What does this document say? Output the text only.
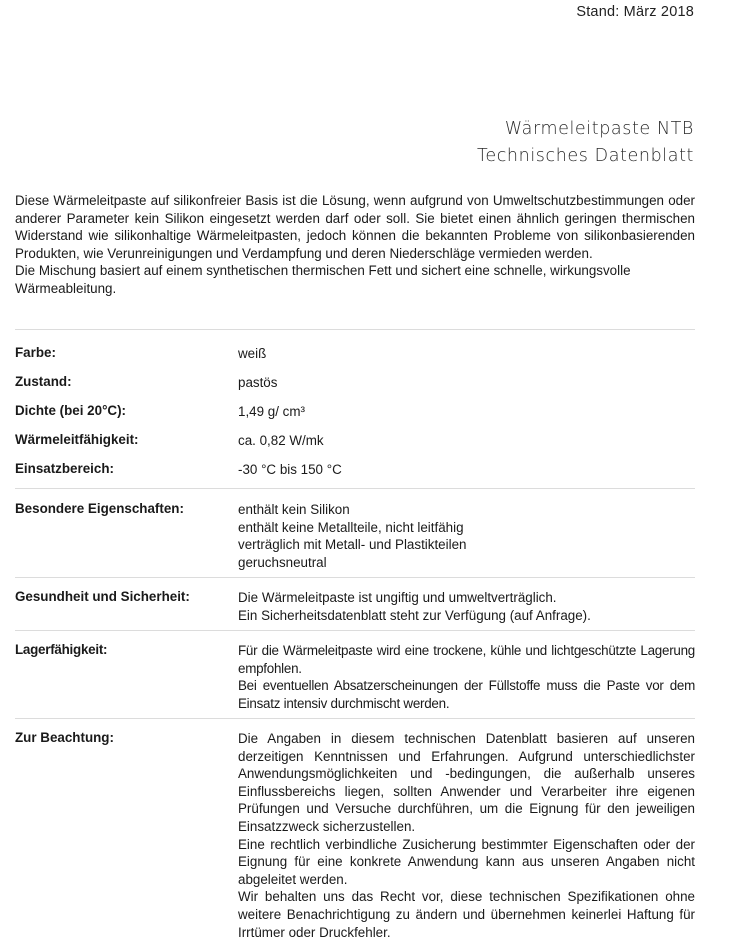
Stand: März 2018
Wärmeleitpaste NTB
Technisches Datenblatt

Diese Wärmeleitpaste auf silikonfreier Basis ist die Lösung, wenn aufgrund von Umweltschutzbestimmungen oder anderer Parameter kein Silikon eingesetzt werden darf oder soll. Sie bietet einen ähnlich geringen thermischen Widerstand wie silikonhaltige Wärmeleitpasten, jedoch können die bekannten Probleme von silikonbasierenden Produkten, wie Verunreinigungen und Verdampfung und deren Niederschläge vermieden werden.

Die Mischung basiert auf einem synthetischen thermischen Fett und sichert eine schnelle, wirkungsvolle Wärmeableitung.

Farbe:	weiß
Zustand:	pastös
Dichte (bei 20°C):	1,49 g/ cm³
Wärmeleitfähigkeit:	ca. 0,82 W/mk
Einsatzbereich:	-30 °C bis 150 °C
Besondere Eigenschaften:	enthält kein Silikon
enthält keine Metallteile, nicht leitfähig
verträglich mit Metall- und Plastikteilen
geruchsneutral
Gesundheit und Sicherheit:	Die Wärmeleitpaste ist ungiftig und umweltverträglich.
Ein Sicherheitsdatenblatt steht zur Verfügung (auf Anfrage).
Lagerfähigkeit:	Für die Wärmeleitpaste wird eine trockene, kühle und lichtgeschützte Lagerung empfohlen.
Bei eventuellen Absatzerscheinungen der Füllstoffe muss die Paste vor dem Einsatz intensiv durchmischt werden.
Zur Beachtung:	Die Angaben in diesem technischen Datenblatt basieren auf unseren derzeitigen Kenntnissen und Erfahrungen. Aufgrund unterschiedlichster Anwendungsmöglichkeiten und -bedingungen, die außerhalb unseres Einflussbereichs liegen, sollten Anwender und Verarbeiter ihre eigenen Prüfungen und Versuche durchführen, um die Eignung für den jeweiligen Einsatzzweck sicherzustellen.
Eine rechtlich verbindliche Zusicherung bestimmter Eigenschaften oder der Eignung für eine konkrete Anwendung kann aus unseren Angaben nicht abgeleitet werden.
Wir behalten uns das Recht vor, diese technischen Spezifikationen ohne weitere Benachrichtigung zu ändern und übernehmen keinerlei Haftung für Irrtümer oder Druckfehler.
